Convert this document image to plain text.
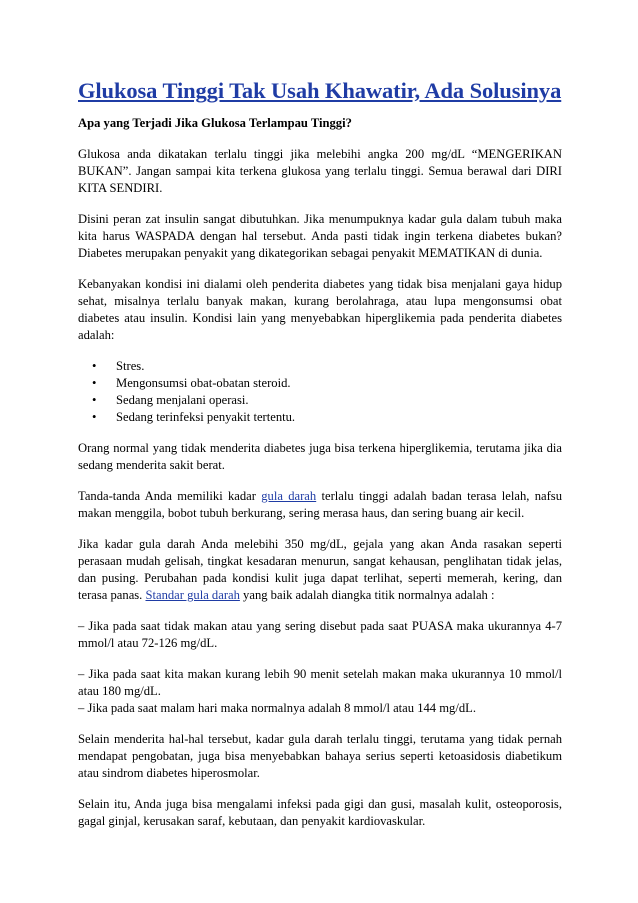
Glukosa Tinggi Tak Usah Khawatir, Ada Solusinya
Apa yang Terjadi Jika Glukosa Terlampau Tinggi?

Glukosa anda dikatakan terlalu tinggi jika melebihi angka 200 mg/dL “MENGERIKAN BUKAN”. Jangan sampai kita terkena glukosa yang terlalu tinggi. Semua berawal dari DIRI KITA SENDIRI.

Disini peran zat insulin sangat dibutuhkan. Jika menumpuknya kadar gula dalam tubuh maka kita harus WASPADA dengan hal tersebut. Anda pasti tidak ingin terkena diabetes bukan? Diabetes merupakan penyakit yang dikategorikan sebagai penyakit MEMATIKAN di dunia.

Kebanyakan kondisi ini dialami oleh penderita diabetes yang tidak bisa menjalani gaya hidup sehat, misalnya terlalu banyak makan, kurang berolahraga, atau lupa mengonsumsi obat diabetes atau insulin. Kondisi lain yang menyebabkan hiperglikemia pada penderita diabetes adalah:

• Stres.
• Mengonsumsi obat-obatan steroid.
• Sedang menjalani operasi.
• Sedang terinfeksi penyakit tertentu.

Orang normal yang tidak menderita diabetes juga bisa terkena hiperglikemia, terutama jika dia sedang menderita sakit berat.

Tanda-tanda Anda memiliki kadar gula darah terlalu tinggi adalah badan terasa lelah, nafsu makan menggila, bobot tubuh berkurang, sering merasa haus, dan sering buang air kecil.

Jika kadar gula darah Anda melebihi 350 mg/dL, gejala yang akan Anda rasakan seperti perasaan mudah gelisah, tingkat kesadaran menurun, sangat kehausan, penglihatan tidak jelas, dan pusing. Perubahan pada kondisi kulit juga dapat terlihat, seperti memerah, kering, dan terasa panas. Standar gula darah yang baik adalah diangka titik normalnya adalah :

– Jika pada saat tidak makan atau yang sering disebut pada saat PUASA maka ukurannya 4-7 mmol/l atau 72-126 mg/dL.

– Jika pada saat kita makan kurang lebih 90 menit setelah makan maka ukurannya 10 mmol/l atau 180 mg/dL.

– Jika pada saat malam hari maka normalnya adalah 8 mmol/l atau 144 mg/dL.

Selain menderita hal-hal tersebut, kadar gula darah terlalu tinggi, terutama yang tidak pernah mendapat pengobatan, juga bisa menyebabkan bahaya serius seperti ketoasidosis diabetikum atau sindrom diabetes hiperosmolar.

Selain itu, Anda juga bisa mengalami infeksi pada gigi dan gusi, masalah kulit, osteoporosis, gagal ginjal, kerusakan saraf, kebutaan, dan penyakit kardiovaskular.
